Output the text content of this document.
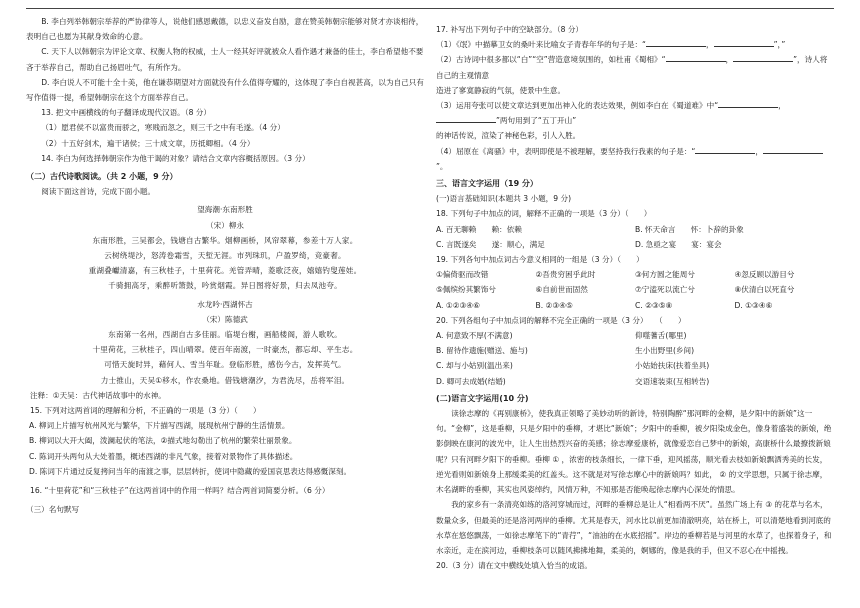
B. 李白列举韩朝宗举荐的严协律等人，说他们感恩戴德，以忠义奋发自励，意在赞美韩朝宗能够对贤才亦谈相待，

表明自己也愿为其献身效命的心意。

C. 天下人以韩朝宗为评论文章、权衡人物的权威，士人一经其好评就被众人看作遇才兼备的佳士，李白希望他不要

吝于举荐自己，帮助自己扬眉吐气，有所作为。

D. 李白说人不可能十全十美，他在谦恭期望对方面就没有什么值得夸耀的，这体现了李白自视甚高，以为自己只有

写作值得一提，希望韩朝宗在这个方面举荐自己。

13. 把文中画横线的句子翻译成现代汉语。（8 分）

（1）愿君侯不以富贵而骄之，寒贱而忽之，则三千之中有毛遂。（4 分）

（2）十五好剑术，遍干诸侯；三十成文章，历抵卿相。（4 分）

14. 李白为何选择韩朝宗作为他干谒的对象？请结合文章内容概括原因。（3 分）

（二）古代诗歌阅读。（共 2 小题，9 分）

阅读下面这首诗，完成下面小题。

望海潮·东南形胜

（宋）柳永

东南形胜，三吴都会，钱塘自古繁华。烟柳画桥，风帘翠幕，参差十万人家。

云树绕堤沙，怒涛卷霜雪，天堑无涯。市列珠玑，户盈罗绮，竞豪奢。

重湖叠巘清嘉，有三秋桂子，十里荷花。羌管弄晴，菱歌泛夜，嬉嬉钓叟莲娃。

千骑拥高牙，乘醉听箫鼓，吟赏烟霞。异日图将好景，归去凤池夸。

水龙吟·西湖怀古

（宋）陈德武

东南第一名州，西湖自古多佳丽。临堤台榭，画船楼阁，游人歌吹。

十里荷花，三秋桂子，四山晴翠。使百年南渡，一时豪杰，都忘却、平生志。

可惜天旋时异，藉何人、雪当年耻。登临形胜，感伤今古，发挥英气。

力士推山，天吴①移水，作农桑地。借钱塘潮汐，为君洗尽，岳将军泪。

注释：①天吴：古代神话故事中的水神。

15. 下列对这两首词的理解和分析，不正确的一项是（3 分）（　　）

A. 柳词上片描写杭州风光与繁华，下片描写西湖，展现杭州宁静的生活情景。

B. 柳词以大开大阖，泼澜起伏的笔法，②描式地勾勒出了杭州的繁荣壮丽景象。

C. 陈词开头两句从大处着墨，概述西湖的非凡气象，接着对景物作了具体描述。

D. 陈词下片通过反复拷问当年的南渡之事，层层转折，使词中隐藏的爱国哀思表达得感慨深刻。

16. “十里荷花”和“三秋桂子”在这两首词中的作用一样吗？结合两首词简要分析。（6 分）

（三）名句默写

17. 补写出下列句子中的空缺部分。（8 分）

（1）《氓》中描摹卫女的桑叶来比喻女子青春年华的句子是：“	，	”，”

（2）古诗词中很多都以“白”“空”营造意境氛围的，如杜甫《蜀相》“	，	”，诗人将自己的主观情意

造进了寥寞静寂的气氛，使景中生意。

（3）运用夸张可以使文章达到更加出神入化的表达效果，例如李白在《蜀道难》中“	，”两句用到了“五丁开山”

的神话传说，渲染了神秘色彩，引人入胜。

（4）屈原在《离骚》中，表明即使是不被理解，要坚持我行我素的句子是：“	，”。

三、语言文字运用（19 分）

(一)语言基础知识(本题共 3 小题，9 分)

18. 下列句子中加点的词，解释不正确的一项是（3 分）（　　）

A. 百无聊赖　　赖：依赖	B. 怀天命言　　怀：卜辞的卦象
C. 言既遂矣　　遂：顺心，满足	D. 急亟之宴　　宴：宴会

19. 下列各句中加点词古今意义相同的一组是（3 分）（　　）

①偏倚驱而改错	②吾贵穷困乎此时	③何方圆之能周兮	④忽反顾以游目兮
⑤佩缤纷其繁饰兮	⑥自前世而固然	⑦宁溘死以流亡兮	⑧伏清白以死直兮
A. ①②③④⑥	B. ②③④⑤	C. ②③⑤⑧	D. ①③④⑥

20. 下列各组句子中加点词的解释不完全正确的一项是（3 分）　　（　　）

A. 何意致不厚(不满意)	仰噬蓍舌(哪里)
B. 留待作遗施(赠送、施与)	生小出野里(乡间)
C. 却与小姑别(温出来)	小姑始扶床(扶着坐具)
D. 卿可去成婚(结婚)	交语速装束(互相转告)

(二)语言文字运用(10 分)

读徐志摩的《再别康桥》，使我真正领略了美妙动听的新诗，特别陶醉“那河畔的金柳，是夕阳中的新娘”这一句。“金柳”，这是垂柳，只是夕阳中的垂柳，才堪比“新娘”；夕阳中的垂柳，被夕阳染成金色，像身着盛装的新娘，绝影倒映在康河的波光中，让人生出热烈兴奋的美感；徐志摩爱康桥，就像爱恋自己梦中的新娘，高康桥什么最撩拨新娘呢？只有河畔夕阳下的垂柳。垂柳 ① ，浓密的枝条细长，一律下垂，迎风摇荡，顺光看去枝如新娘飘洒秀美的长发，逆光看则如新娘身上那缓柔美的红盖头。这不就是对写徐志摩心中的新娘吗？如此， ② 的文学思想，只属于徐志摩，木名湖畔的垂柳，其实也风姿绰约，风情万种，不知那是否能唤起徐志摩内心深处的情思。

我的家乡有一条清亮如练的洛河穿城而过，河畔的垂柳总是让人“相看两不厌”。虽然广场上有 ③ 的花草与名木，数量众多，但最美的还是洛河两岸的垂柳。尤其是春天，河水比以前更加清澈明亮，站在桥上，可以清楚地看到河底的水草在悠悠飘荡，一如徐志摩笔下的“青荇”，“油油的在水底招摇”。岸边的垂柳若是与河里的水草了，也探着身子，和水亲近，走在滨河边，垂柳枝条可以随风拂拂地舞，柔美的，婀娜的，像是我的手，但又不忍心在中摇拽。

20.（3 分）请在文中横线处填入恰当的成语。
